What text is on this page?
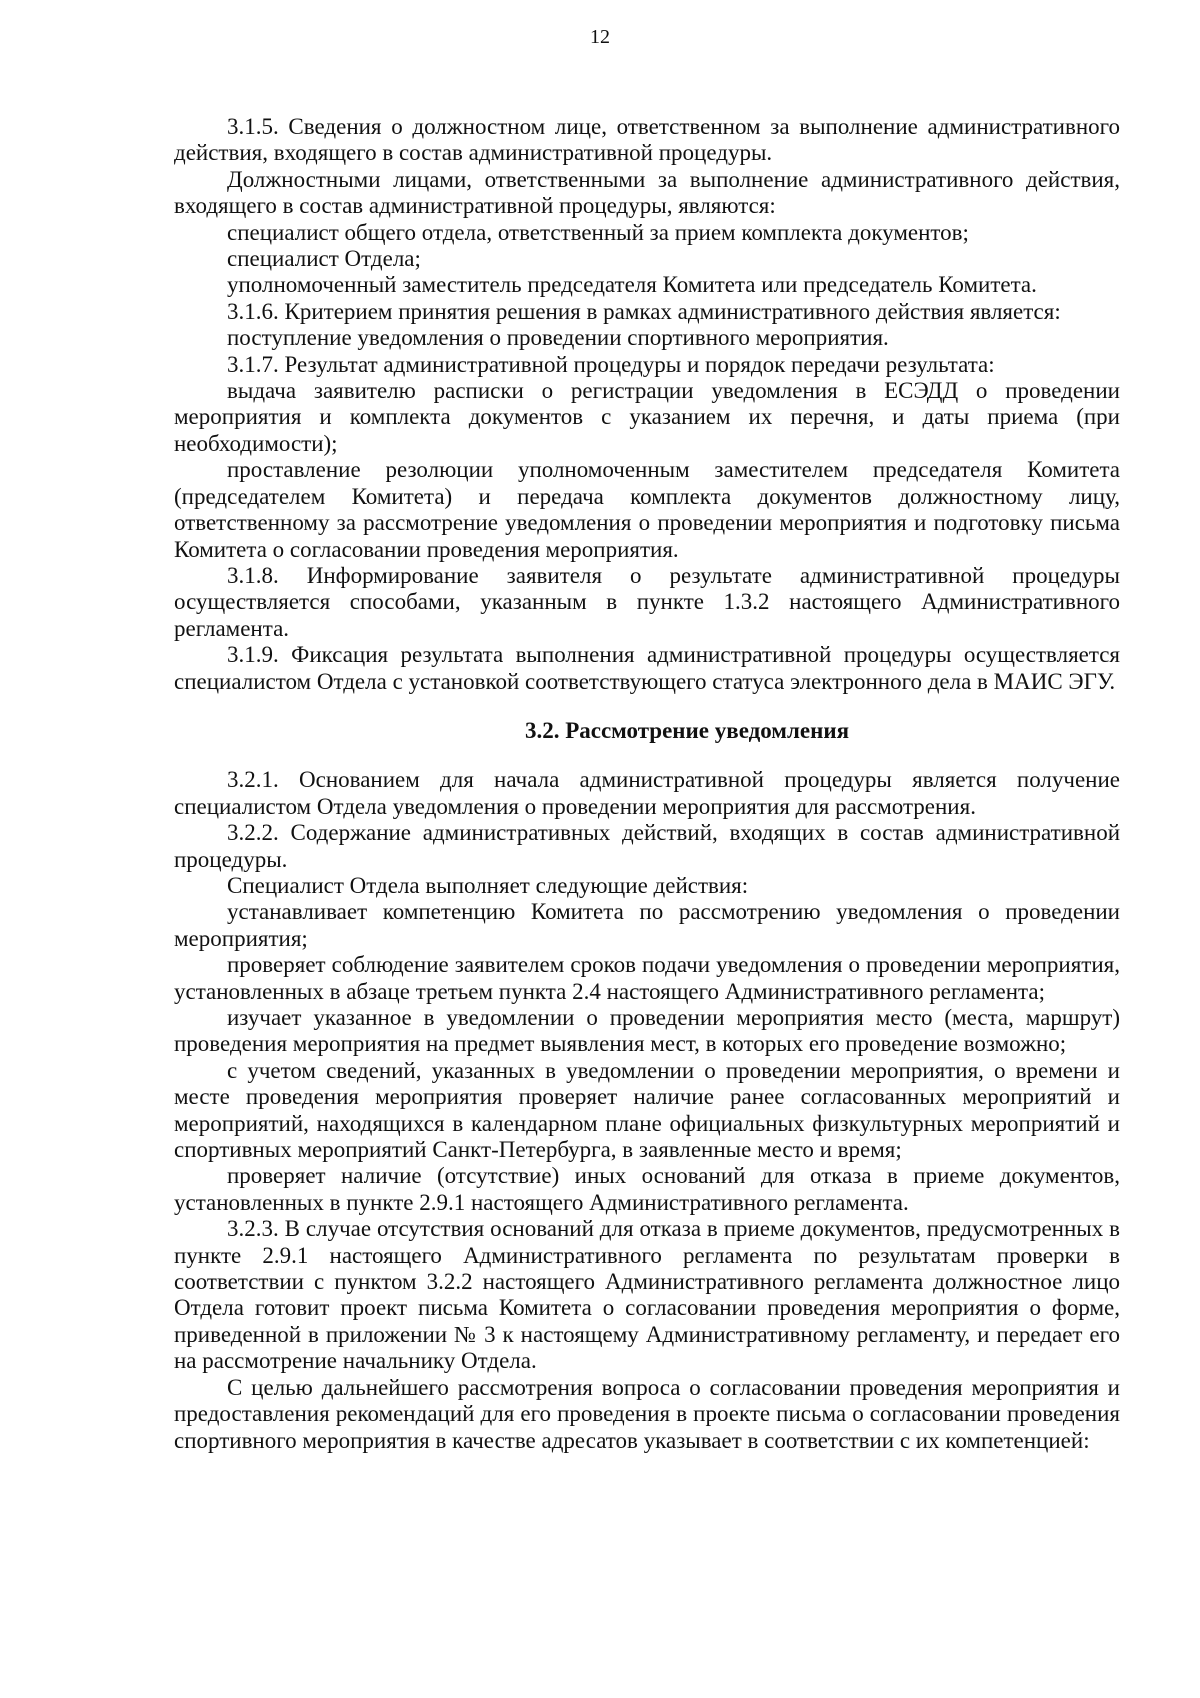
12

3.1.5. Сведения о должностном лице, ответственном за выполнение административного действия, входящего в состав административной процедуры.

Должностными лицами, ответственными за выполнение административного действия, входящего в состав административной процедуры, являются:

специалист общего отдела, ответственный за прием комплекта документов;

специалист Отдела;

уполномоченный заместитель председателя Комитета или председатель Комитета.

3.1.6. Критерием принятия решения в рамках административного действия является:

поступление уведомления о проведении спортивного мероприятия.

3.1.7. Результат административной процедуры и порядок передачи результата:

выдача заявителю расписки о регистрации уведомления в ЕСЭДД о проведении мероприятия и комплекта документов с указанием их перечня, и даты приема (при необходимости);

проставление резолюции уполномоченным заместителем председателя Комитета (председателем Комитета) и передача комплекта документов должностному лицу, ответственному за рассмотрение уведомления о проведении мероприятия и подготовку письма Комитета о согласовании проведения мероприятия.

3.1.8. Информирование заявителя о результате административной процедуры осуществляется способами, указанным в пункте 1.3.2 настоящего Административного регламента.

3.1.9. Фиксация результата выполнения административной процедуры осуществляется специалистом Отдела с установкой соответствующего статуса электронного дела в МАИС ЭГУ.

3.2. Рассмотрение уведомления

3.2.1. Основанием для начала административной процедуры является получение специалистом Отдела уведомления о проведении мероприятия для рассмотрения.

3.2.2. Содержание административных действий, входящих в состав административной процедуры.

Специалист Отдела выполняет следующие действия:

устанавливает компетенцию Комитета по рассмотрению уведомления о проведении мероприятия;

проверяет соблюдение заявителем сроков подачи уведомления о проведении мероприятия, установленных в абзаце третьем пункта 2.4 настоящего Административного регламента;

изучает указанное в уведомлении о проведении мероприятия место (места, маршрут) проведения мероприятия на предмет выявления мест, в которых его проведение возможно;

с учетом сведений, указанных в уведомлении о проведении мероприятия, о времени и месте проведения мероприятия проверяет наличие ранее согласованных мероприятий и мероприятий, находящихся в календарном плане официальных физкультурных мероприятий и спортивных мероприятий Санкт-Петербурга, в заявленные место и время;

проверяет наличие (отсутствие) иных оснований для отказа в приеме документов, установленных в пункте 2.9.1 настоящего Административного регламента.

3.2.3. В случае отсутствия оснований для отказа в приеме документов, предусмотренных в пункте 2.9.1 настоящего Административного регламента по результатам проверки в соответствии с пунктом 3.2.2 настоящего Административного регламента должностное лицо Отдела готовит проект письма Комитета о согласовании проведения мероприятия о форме, приведенной в приложении № 3 к настоящему Административному регламенту, и передает его на рассмотрение начальнику Отдела.

С целью дальнейшего рассмотрения вопроса о согласовании проведения мероприятия и предоставления рекомендаций для его проведения в проекте письма о согласовании проведения спортивного мероприятия в качестве адресатов указывает в соответствии с их компетенцией:
